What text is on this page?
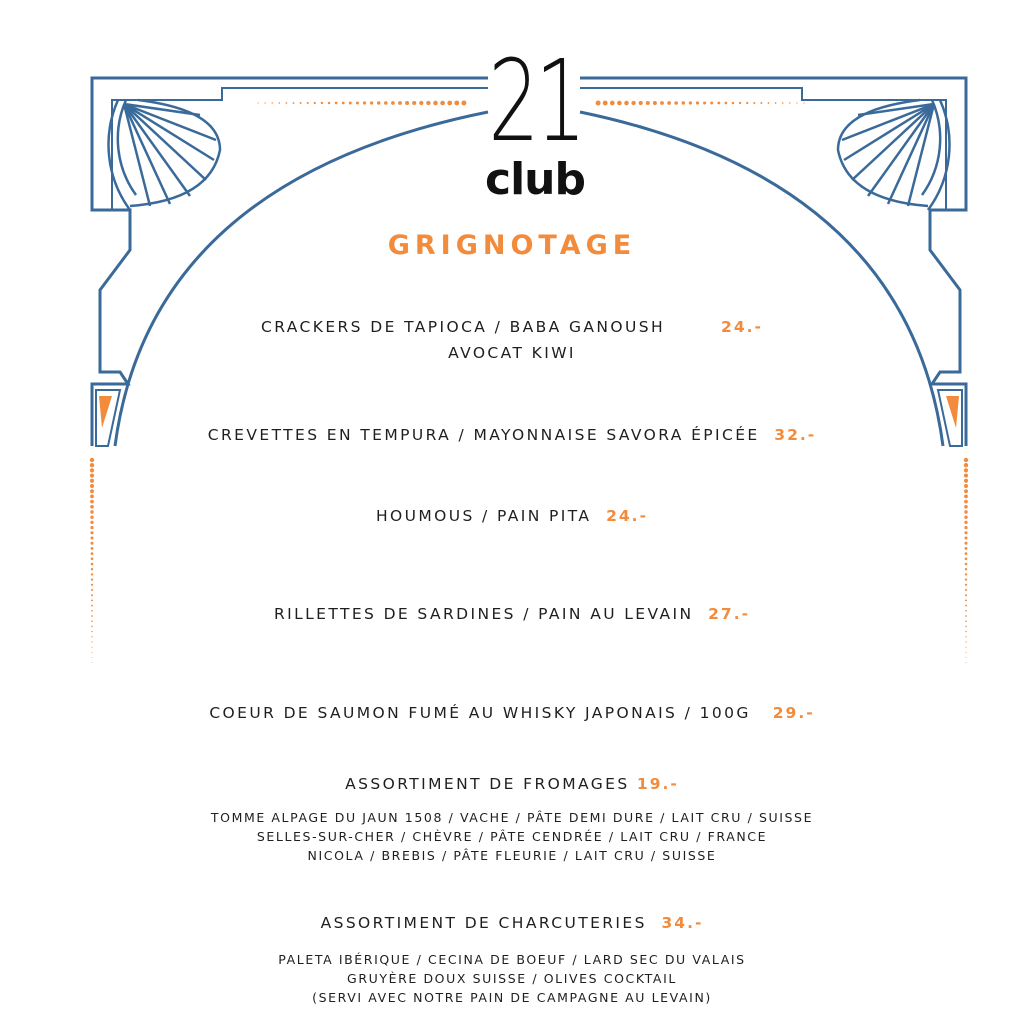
21
club
GRIGNOTAGE
CRACKERS DE TAPIOCA / BABA GANOUSH	24.-
AVOCAT KIWI
CREVETTES EN TEMPURA / MAYONNAISE SAVORA ÉPICÉE 32.-
HOUMOUS / PAIN PITA 24.-
RILLETTES DE SARDINES / PAIN AU LEVAIN 27.-
COEUR DE SAUMON FUMÉ AU WHISKY JAPONAIS / 100G 29.-
ASSORTIMENT DE FROMAGES 19.-
TOMME ALPAGE DU JAUN 1508 / VACHE / PÂTE DEMI DURE / LAIT CRU / SUISSE
SELLES-SUR-CHER / CHÈVRE / PÂTE CENDRÉE / LAIT CRU / FRANCE
NICOLA / BREBIS / PÂTE FLEURIE / LAIT CRU / SUISSE
ASSORTIMENT DE CHARCUTERIES 34.-
PALETA IBÉRIQUE / CECINA DE BOEUF / LARD SEC DU VALAIS
GRUYÈRE DOUX SUISSE / OLIVES COCKTAIL
(SERVI AVEC NOTRE PAIN DE CAMPAGNE AU LEVAIN)
